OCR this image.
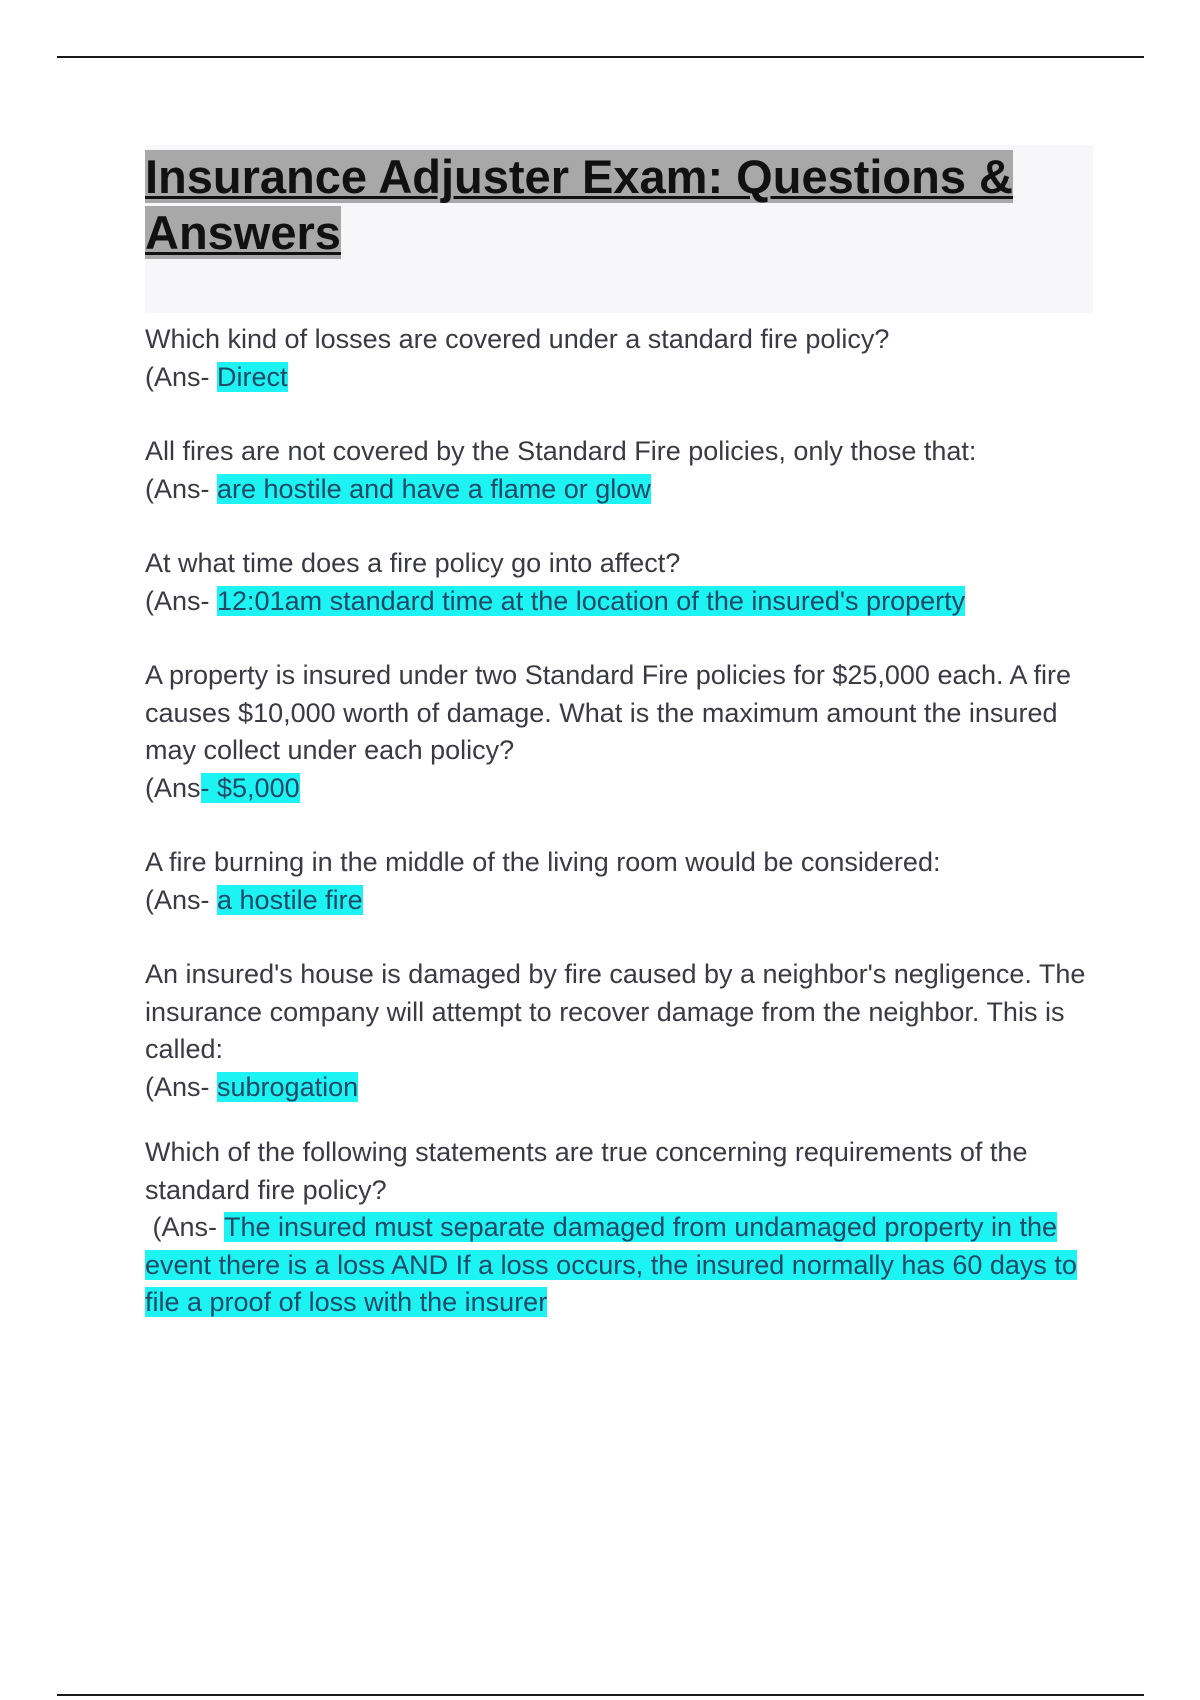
Insurance Adjuster Exam: Questions & Answers

Which kind of losses are covered under a standard fire policy?
(Ans- Direct

All fires are not covered by the Standard Fire policies, only those that:
(Ans- are hostile and have a flame or glow

At what time does a fire policy go into affect?
(Ans- 12:01am standard time at the location of the insured's property

A property is insured under two Standard Fire policies for $25,000 each. A fire causes $10,000 worth of damage. What is the maximum amount the insured may collect under each policy?
(Ans- $5,000

A fire burning in the middle of the living room would be considered:
(Ans- a hostile fire

An insured's house is damaged by fire caused by a neighbor's negligence. The insurance company will attempt to recover damage from the neighbor. This is called:
(Ans- subrogation

Which of the following statements are true concerning requirements of the standard fire policy?
(Ans- The insured must separate damaged from undamaged property in the event there is a loss AND If a loss occurs, the insured normally has 60 days to file a proof of loss with the insurer
